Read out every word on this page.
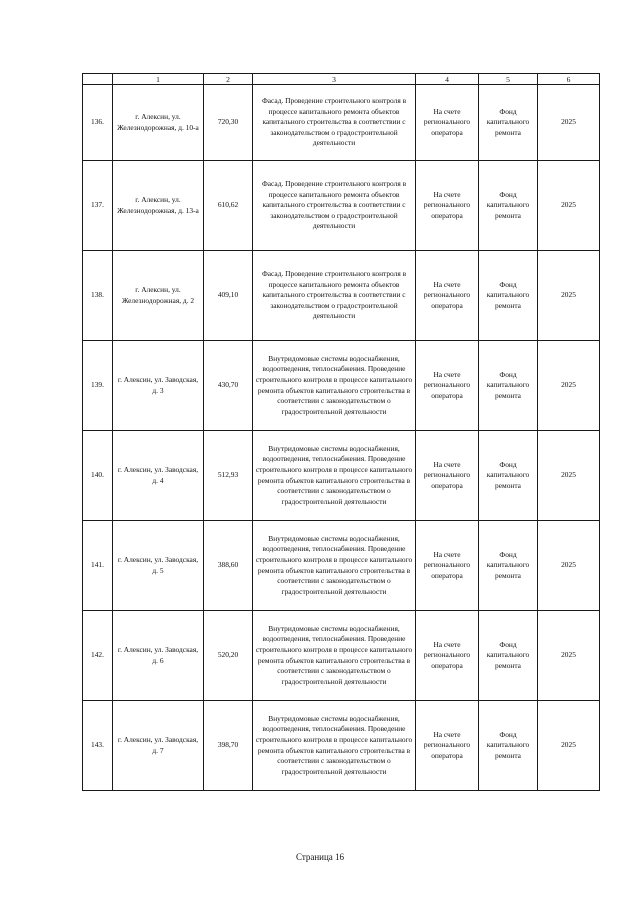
	1	2	3	4	5	6
136.	г. Алексин, ул. Железнодорожная, д. 10-а	720,30	Фасад. Проведение строительного контроля в процессе капитального ремонта объектов капитального строительства в соответствии с законодательством о градостроительной деятельности	На счете регионального оператора	Фонд капитального ремонта	2025
137.	г. Алексин, ул. Железнодорожная, д. 13-а	610,62	Фасад. Проведение строительного контроля в процессе капитального ремонта объектов капитального строительства в соответствии с законодательством о градостроительной деятельности	На счете регионального оператора	Фонд капитального ремонта	2025
138.	г. Алексин, ул. Железнодорожная, д. 2	409,10	Фасад. Проведение строительного контроля в процессе капитального ремонта объектов капитального строительства в соответствии с законодательством о градостроительной деятельности	На счете регионального оператора	Фонд капитального ремонта	2025
139.	г. Алексин, ул. Заводская, д. 3	430,70	Внутридомовые системы водоснабжения, водоотведения, теплоснабжения. Проведение строительного контроля в процессе капитального ремонта объектов капитального строительства в соответствии с законодательством о градостроительной деятельности	На счете регионального оператора	Фонд капитального ремонта	2025
140.	г. Алексин, ул. Заводская, д. 4	512,93	Внутридомовые системы водоснабжения, водоотведения, теплоснабжения. Проведение строительного контроля в процессе капитального ремонта объектов капитального строительства в соответствии с законодательством о градостроительной деятельности	На счете регионального оператора	Фонд капитального ремонта	2025
141.	г. Алексин, ул. Заводская, д. 5	388,60	Внутридомовые системы водоснабжения, водоотведения, теплоснабжения. Проведение строительного контроля в процессе капитального ремонта объектов капитального строительства в соответствии с законодательством о градостроительной деятельности	На счете регионального оператора	Фонд капитального ремонта	2025
142.	г. Алексин, ул. Заводская, д. 6	520,20	Внутридомовые системы водоснабжения, водоотведения, теплоснабжения. Проведение строительного контроля в процессе капитального ремонта объектов капитального строительства в соответствии с законодательством о градостроительной деятельности	На счете регионального оператора	Фонд капитального ремонта	2025
143.	г. Алексин, ул. Заводская, д. 7	398,70	Внутридомовые системы водоснабжения, водоотведения, теплоснабжения. Проведение строительного контроля в процессе капитального ремонта объектов капитального строительства в соответствии с законодательством о градостроительной деятельности	На счете регионального оператора	Фонд капитального ремонта	2025
Страница 16
